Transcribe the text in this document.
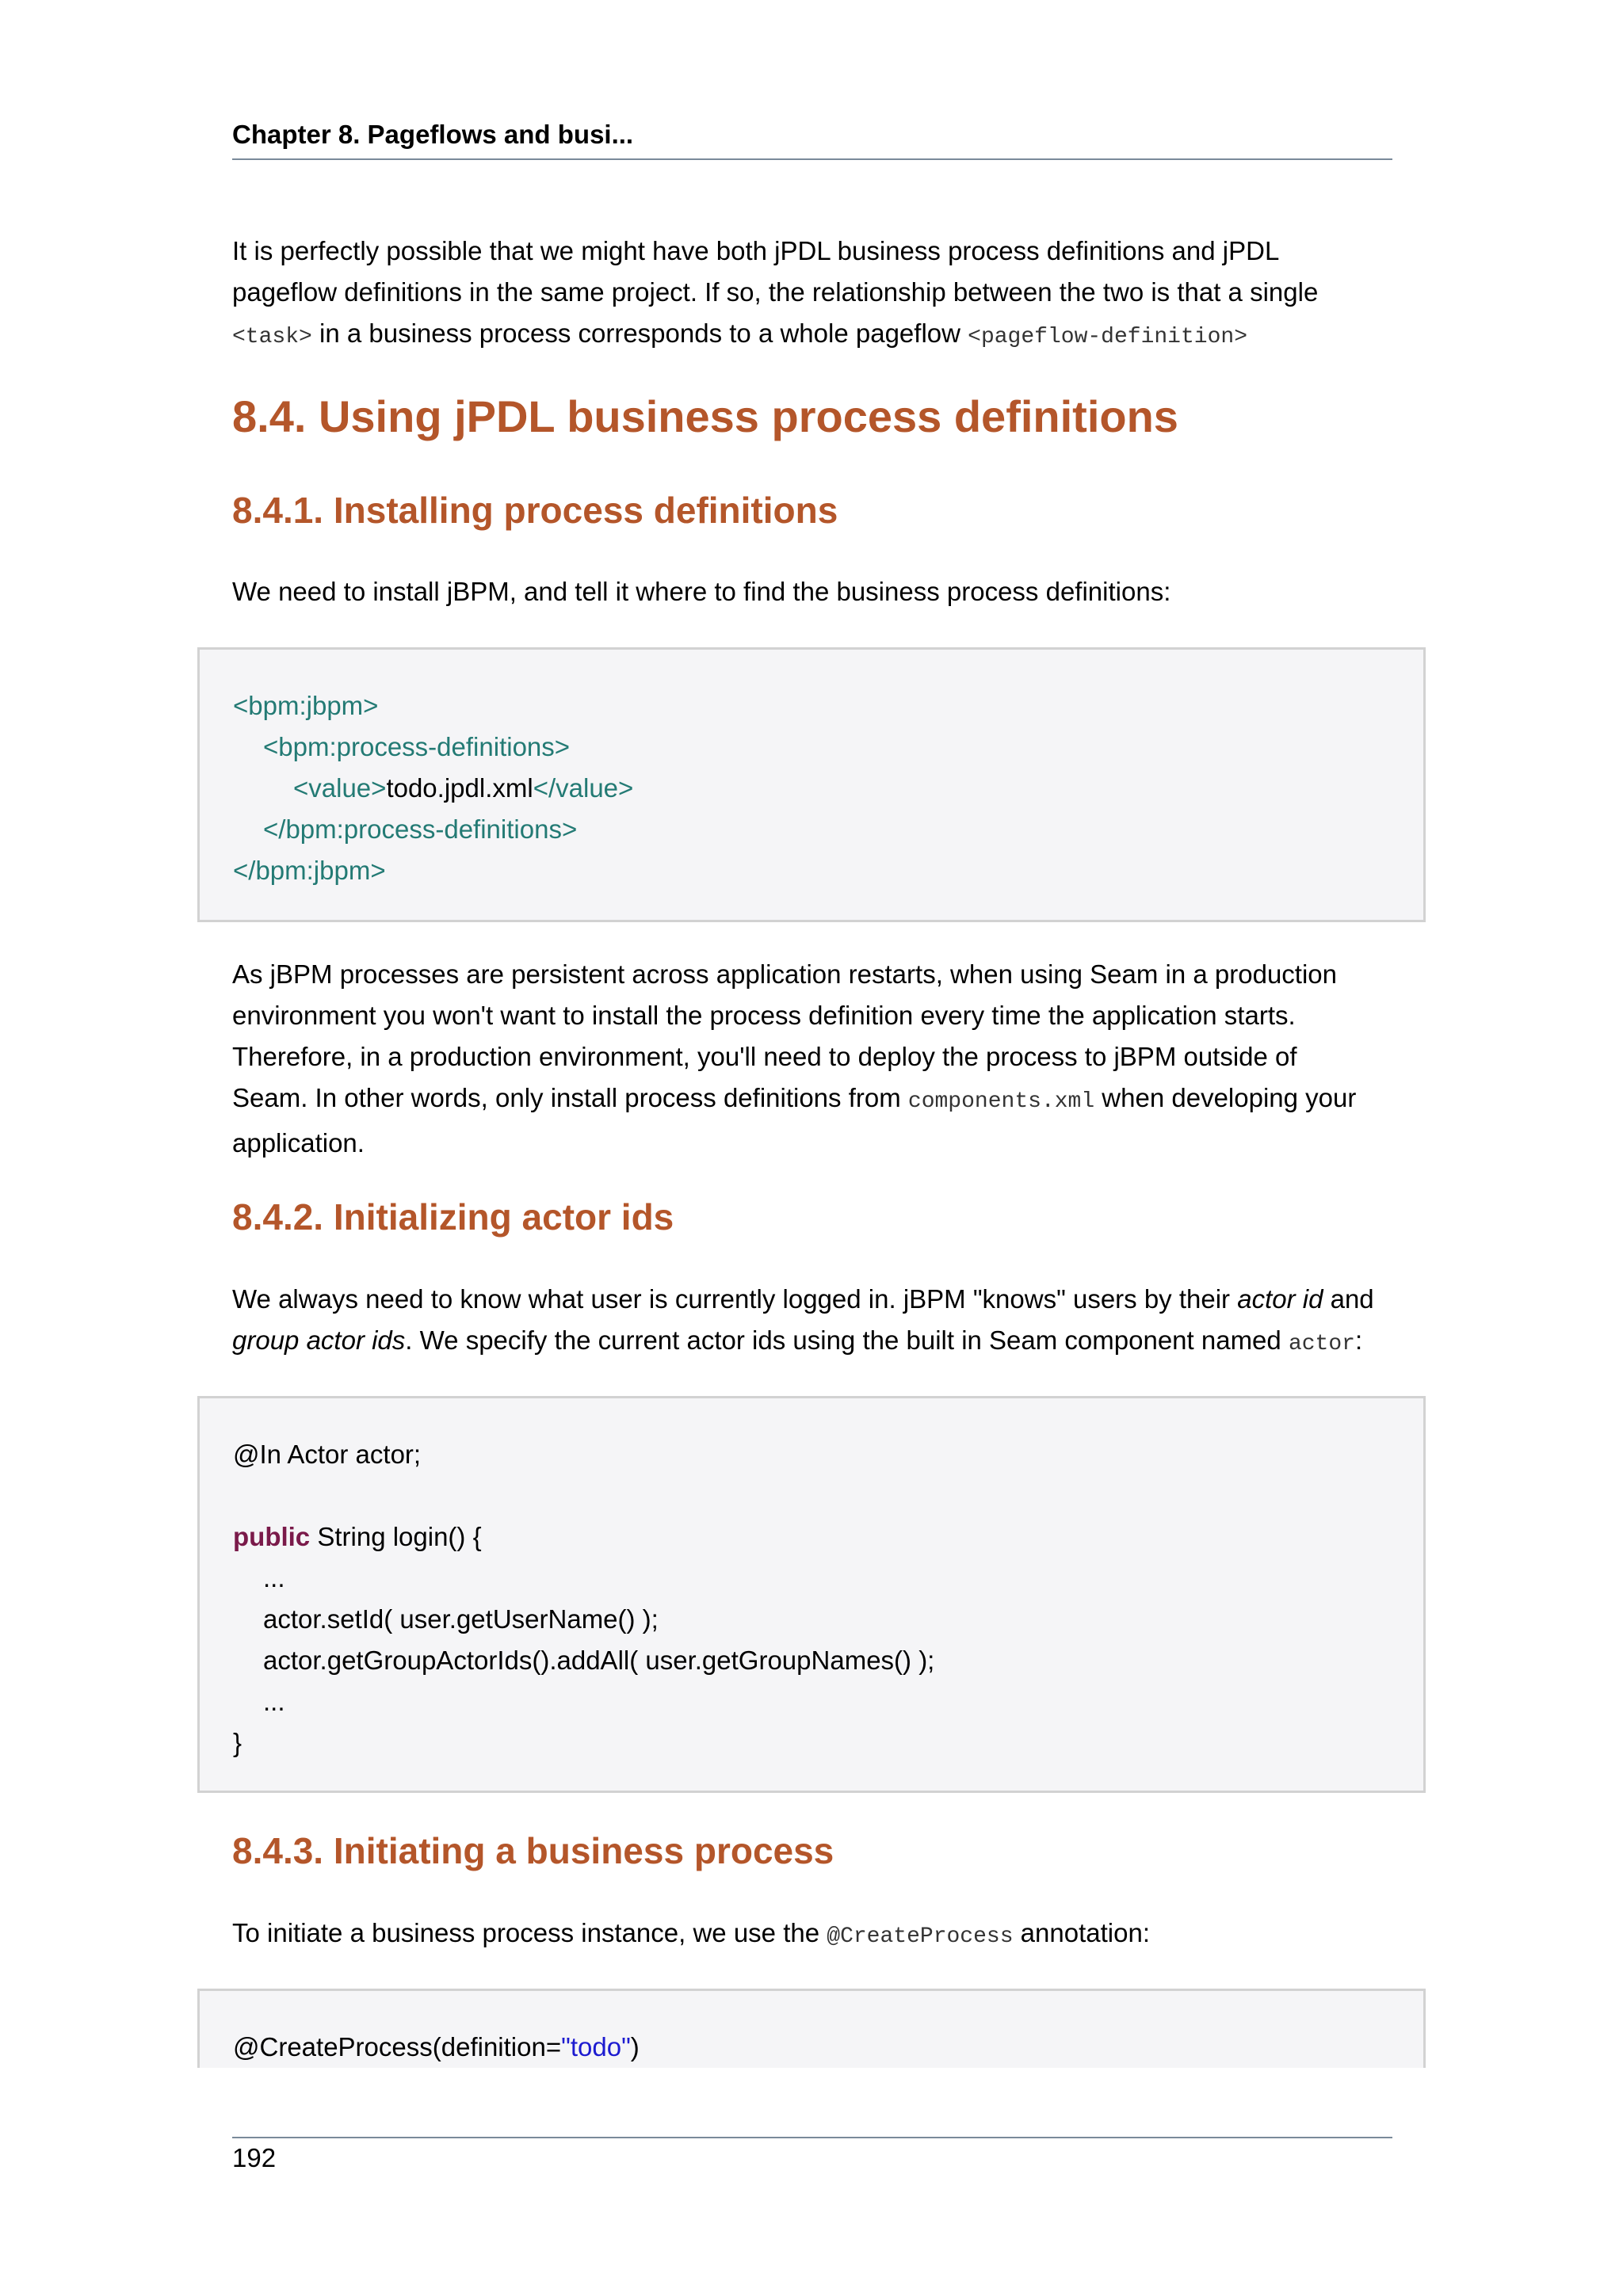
Chapter 8. Pageflows and busi...
It is perfectly possible that we might have both jPDL business process definitions and jPDL
pageflow definitions in the same project. If so, the relationship between the two is that a single
<task> in a business process corresponds to a whole pageflow <pageflow-definition>
8.4. Using jPDL business process definitions
8.4.1. Installing process definitions
We need to install jBPM, and tell it where to find the business process definitions:
<bpm:jbpm>
<bpm:process-definitions>
<value>todo.jpdl.xml</value>
</bpm:process-definitions>
</bpm:jbpm>
As jBPM processes are persistent across application restarts, when using Seam in a production
environment you won't want to install the process definition every time the application starts.
Therefore, in a production environment, you'll need to deploy the process to jBPM outside of
Seam. In other words, only install process definitions from components.xml when developing your
application.
8.4.2. Initializing actor ids
We always need to know what user is currently logged in. jBPM "knows" users by their actor id and
group actor ids. We specify the current actor ids using the built in Seam component named actor:
@In Actor actor;
public String login() {
...
actor.setId( user.getUserName() );
actor.getGroupActorIds().addAll( user.getGroupNames() );
...
}
8.4.3. Initiating a business process
To initiate a business process instance, we use the @CreateProcess annotation:
@CreateProcess(definition="todo")
192
